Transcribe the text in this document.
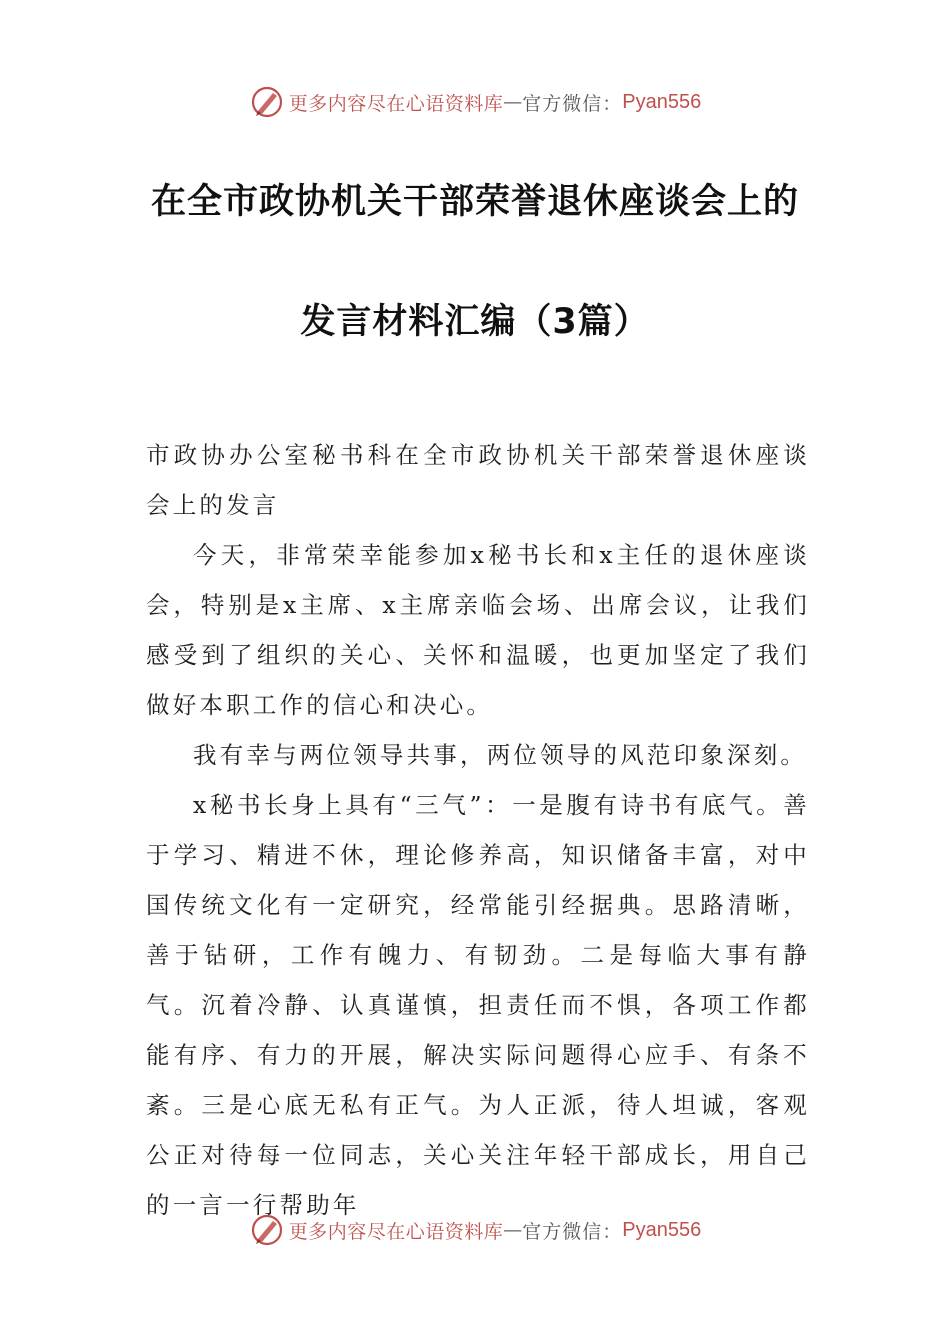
更多内容尽在心语资料库 — 官方微信： Pyan556
在全市政协机关干部荣誉退休座谈会上的
发言材料汇编（3篇）

市政协办公室秘书科在全市政协机关干部荣誉退休座谈会上的发言

今天，非常荣幸能参加x秘书长和x主任的退休座谈会，特别是x主席、x主席亲临会场、出席会议，让我们感受到了组织的关心、关怀和温暖，也更加坚定了我们做好本职工作的信心和决心。

我有幸与两位领导共事，两位领导的风范印象深刻。

x秘书长身上具有“三气”：一是腹有诗书有底气。善于学习、精进不休，理论修养高，知识储备丰富，对中国传统文化有一定研究，经常能引经据典。思路清晰，善于钻研，工作有魄力、有韧劲。二是每临大事有静气。沉着冷静、认真谨慎，担责任而不惧，各项工作都能有序、有力的开展，解决实际问题得心应手、有条不紊。三是心底无私有正气。为人正派，待人坦诚，客观公正对待每一位同志，关心关注年轻干部成长，用自己的一言一行帮助年

更多内容尽在心语资料库 — 官方微信： Pyan556
